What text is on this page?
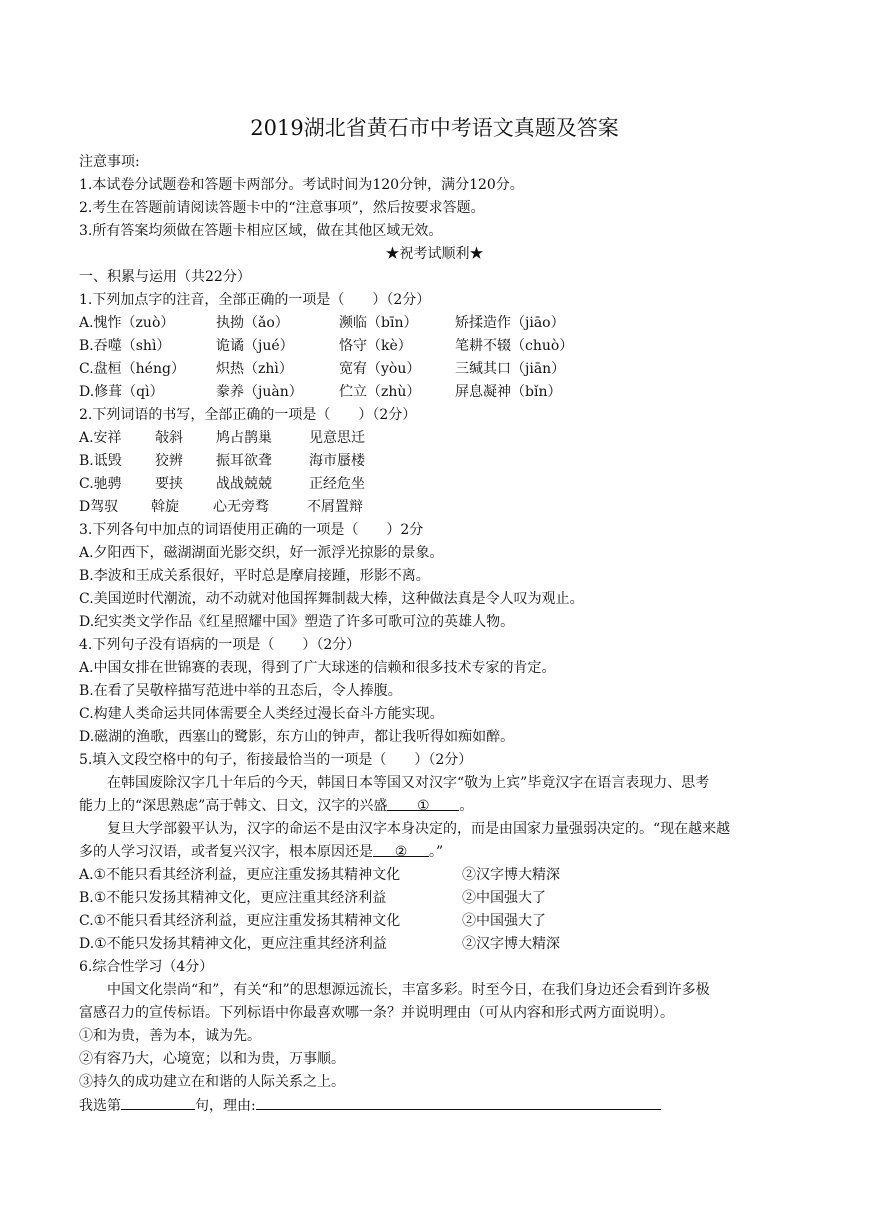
2019湖北省黄石市中考语文真题及答案
注意事项:
1.本试卷分试题卷和答题卡两部分。考试时间为120分钟，满分120分。
2.考生在答题前请阅读答题卡中的“注意事项”，然后按要求答题。
3.所有答案均须做在答题卡相应区域，做在其他区域无效。
★祝考试顺利★
一、积累与运用（共22分）
1.下列加点字的注音，全部正确的一项是（　　）（2分）
A.愧怍（zuò）	执拗（ǎo）	濒临（bīn）	矫揉造作（jiāo）
B.吞噬（shì）	诡谲（jué）	恪守（kè）	笔耕不辍（chuò）
C.盘桓（héng） 炽热（zhì）	宽宥（yòu） 三缄其口（jiān）
D.修葺（qì）	豢养（juàn）	伫立（zhù） 屏息凝神（bǐn）
2.下列词语的书写，全部正确的一项是（　　）（2分）
A.安祥 敧斜 鸠占鹊巢	见意思迁
B.诋毁 狡辨 振耳欲聋	海市蜃楼
C.驰骋 要挟 战战兢兢	正经危坐
D驾驭 斡旋 心无旁骛	不屑置辩
3.下列各句中加点的词语使用正确的一项是（　　）2分
A.夕阳西下，磁湖湖面光影交织，好一派浮光掠影的景象。
B.李波和王成关系很好，平时总是摩肩接踵，形影不离。
C.美国逆时代潮流，动不动就对他国挥舞制裁大棒，这种做法真是令人叹为观止。
D.纪实类文学作品《红星照耀中国》塑造了许多可歌可泣的英雄人物。
4.下列句子没有语病的一项是（　　）（2分）
A.中国女排在世锦赛的表现，得到了广大球迷的信赖和很多技术专家的肯定。
B.在看了吴敬梓描写范进中举的丑态后，令人捧腹。
C.构建人类命运共同体需要全人类经过漫长奋斗方能实现。
D.磁湖的渔歌，西塞山的鹭影，东方山的钟声，都让我听得如痴如醉。
5.填入文段空格中的句子，衔接最恰当的一项是（　　）（2分）
在韩国废除汉字几十年后的今天，韩国日本等国又对汉字“敬为上宾”毕竟汉字在语言表现力、思考
能力上的“深思熟虑”高于韩文、日文，汉字的兴盛 ① 。
复旦大学部毅平认为，汉字的命运不是由汉字本身决定的，而是由国家力量强弱决定的。“现在越来越
多的人学习汉语，或者复兴汉字，根本原因还是 ② 。”
A.①不能只看其经济利益，更应注重发扬其精神文化	②汉字博大精深
B.①不能只发扬其精神文化，更应注重其经济利益	②中国强大了
C.①不能只看其经济利益，更应注重发扬其精神文化	②中国强大了
D.①不能只发扬其精神文化，更应注重其经济利益	②汉字博大精深
6.综合性学习（4分）
中国文化崇尚“和”，有关“和”的思想源远流长，丰富多彩。时至今日，在我们身边还会看到许多极
富感召力的宣传标语。下列标语中你最喜欢哪一条？并说明理由（可从内容和形式两方面说明）。
①和为贵，善为本，诚为先。
②有容乃大，心境宽；以和为贵，万事顺。
③持久的成功建立在和谐的人际关系之上。
我选第	句，理由:
